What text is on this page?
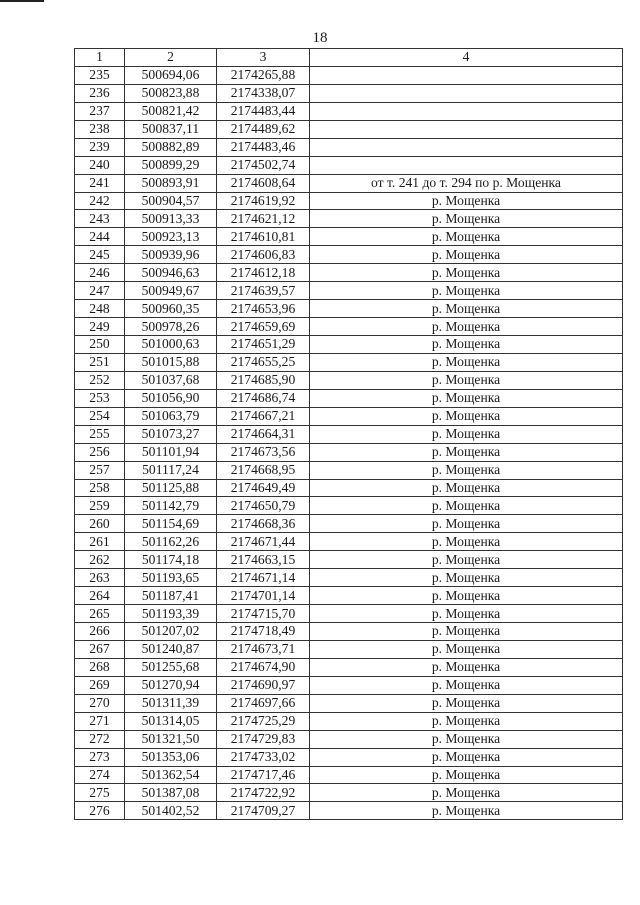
18
1	2	3	4
235	500694,06	2174265,88	
236	500823,88	2174338,07	
237	500821,42	2174483,44	
238	500837,11	2174489,62	
239	500882,89	2174483,46	
240	500899,29	2174502,74	
241	500893,91	2174608,64	от т. 241 до т. 294 по р. Мощенка
242	500904,57	2174619,92	р. Мощенка
243	500913,33	2174621,12	р. Мощенка
244	500923,13	2174610,81	р. Мощенка
245	500939,96	2174606,83	р. Мощенка
246	500946,63	2174612,18	р. Мощенка
247	500949,67	2174639,57	р. Мощенка
248	500960,35	2174653,96	р. Мощенка
249	500978,26	2174659,69	р. Мощенка
250	501000,63	2174651,29	р. Мощенка
251	501015,88	2174655,25	р. Мощенка
252	501037,68	2174685,90	р. Мощенка
253	501056,90	2174686,74	р. Мощенка
254	501063,79	2174667,21	р. Мощенка
255	501073,27	2174664,31	р. Мощенка
256	501101,94	2174673,56	р. Мощенка
257	501117,24	2174668,95	р. Мощенка
258	501125,88	2174649,49	р. Мощенка
259	501142,79	2174650,79	р. Мощенка
260	501154,69	2174668,36	р. Мощенка
261	501162,26	2174671,44	р. Мощенка
262	501174,18	2174663,15	р. Мощенка
263	501193,65	2174671,14	р. Мощенка
264	501187,41	2174701,14	р. Мощенка
265	501193,39	2174715,70	р. Мощенка
266	501207,02	2174718,49	р. Мощенка
267	501240,87	2174673,71	р. Мощенка
268	501255,68	2174674,90	р. Мощенка
269	501270,94	2174690,97	р. Мощенка
270	501311,39	2174697,66	р. Мощенка
271	501314,05	2174725,29	р. Мощенка
272	501321,50	2174729,83	р. Мощенка
273	501353,06	2174733,02	р. Мощенка
274	501362,54	2174717,46	р. Мощенка
275	501387,08	2174722,92	р. Мощенка
276	501402,52	2174709,27	р. Мощенка
